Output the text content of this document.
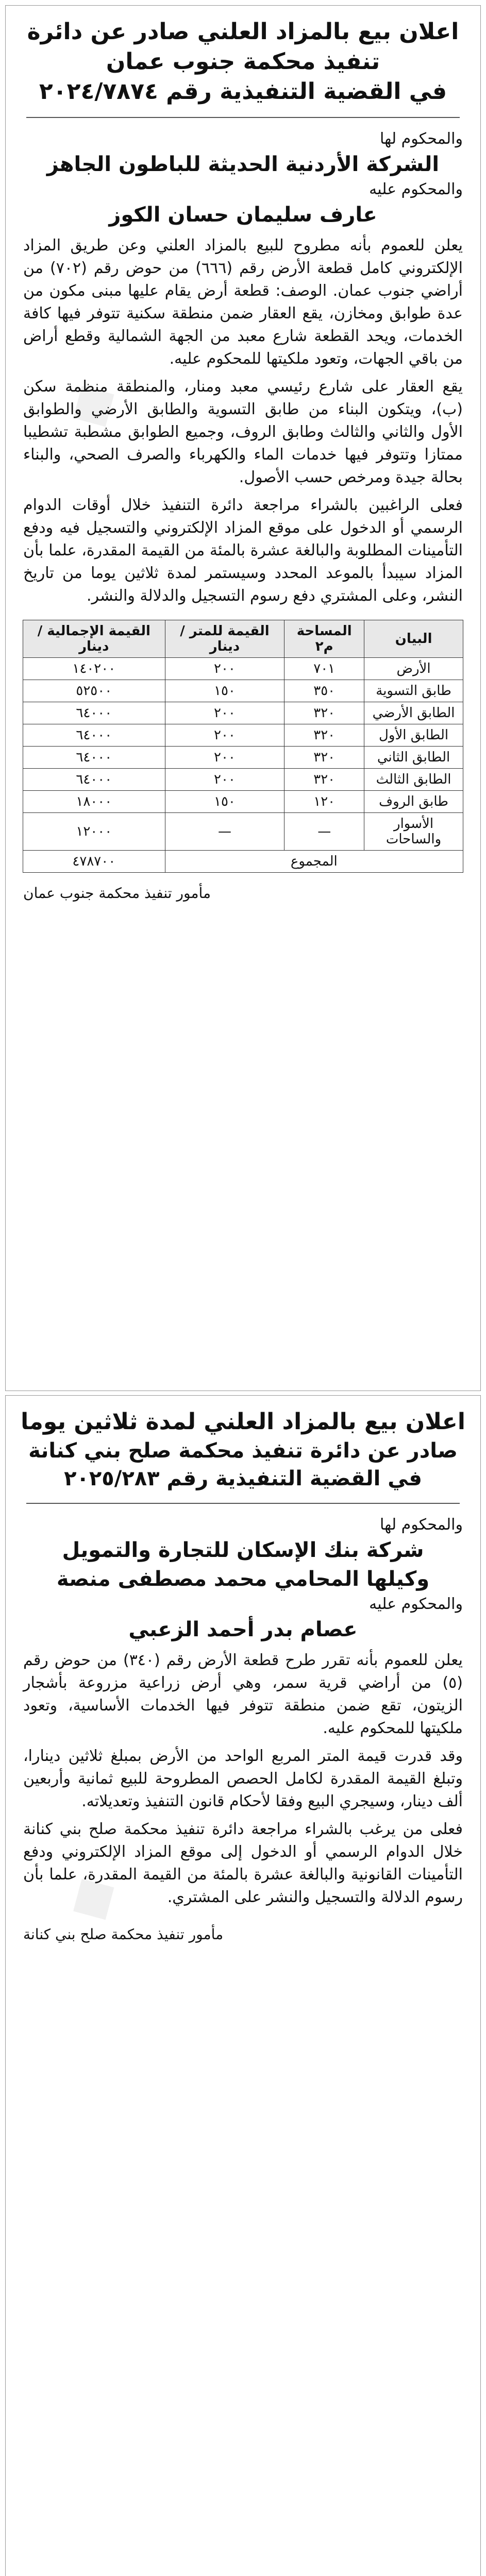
◆

اعلان بيع بالمزاد العلني صادر عن دائرة تنفيذ محكمة جنوب عمان

في القضية التنفيذية رقم ٢٠٢٤/٧٨٧٤

والمحكوم لها
الشركة الأردنية الحديثة للباطون الجاهز
والمحكوم عليه
عارف سليمان حسان الكوز

يعلن للعموم بأنه مطروح للبيع بالمزاد العلني وعن طريق المزاد الإلكتروني كامل قطعة الأرض رقم (٦٦٦) من حوض رقم (٧٠٢) من أراضي جنوب عمان. الوصف: قطعة أرض يقام عليها مبنى مكون من عدة طوابق ومخازن، يقع العقار ضمن منطقة سكنية تتوفر فيها كافة الخدمات، ويحد القطعة شارع معبد من الجهة الشمالية وقطع أراض من باقي الجهات، وتعود ملكيتها للمحكوم عليه.

يقع العقار على شارع رئيسي معبد ومنار، والمنطقة منظمة سكن (ب)، ويتكون البناء من طابق التسوية والطابق الأرضي والطوابق الأول والثاني والثالث وطابق الروف، وجميع الطوابق مشطبة تشطيبا ممتازا وتتوفر فيها خدمات الماء والكهرباء والصرف الصحي، والبناء بحالة جيدة ومرخص حسب الأصول.

فعلى الراغبين بالشراء مراجعة دائرة التنفيذ خلال أوقات الدوام الرسمي أو الدخول على موقع المزاد الإلكتروني والتسجيل فيه ودفع التأمينات المطلوبة والبالغة عشرة بالمئة من القيمة المقدرة، علما بأن المزاد سيبدأ بالموعد المحدد وسيستمر لمدة ثلاثين يوما من تاريخ النشر، وعلى المشتري دفع رسوم التسجيل والدلالة والنشر.

البيان	المساحة م٢	القيمة للمتر / دينار	القيمة الإجمالية / دينار
الأرض	٧٠١	٢٠٠	١٤٠٢٠٠
طابق التسوية	٣٥٠	١٥٠	٥٢٥٠٠
الطابق الأرضي	٣٢٠	٢٠٠	٦٤٠٠٠
الطابق الأول	٣٢٠	٢٠٠	٦٤٠٠٠
الطابق الثاني	٣٢٠	٢٠٠	٦٤٠٠٠
الطابق الثالث	٣٢٠	٢٠٠	٦٤٠٠٠
طابق الروف	١٢٠	١٥٠	١٨٠٠٠
الأسوار والساحات	—	—	١٢٠٠٠
المجموع			٤٧٨٧٠٠
مأمور تنفيذ محكمة جنوب عمان
◆

اعلان بيع بالمزاد العلني لمدة ثلاثين يوما

صادر عن دائرة تنفيذ محكمة صلح بني كنانة

في القضية التنفيذية رقم ٢٠٢٥/٢٨٣

والمحكوم لها
شركة بنك الإسكان للتجارة والتمويل
وكيلها المحامي محمد مصطفى منصة
والمحكوم عليه
عصام بدر أحمد الزعبي

يعلن للعموم بأنه تقرر طرح قطعة الأرض رقم (٣٤٠) من حوض رقم (٥) من أراضي قرية سمر، وهي أرض زراعية مزروعة بأشجار الزيتون، تقع ضمن منطقة تتوفر فيها الخدمات الأساسية، وتعود ملكيتها للمحكوم عليه.

وقد قدرت قيمة المتر المربع الواحد من الأرض بمبلغ ثلاثين دينارا، وتبلغ القيمة المقدرة لكامل الحصص المطروحة للبيع ثمانية وأربعين ألف دينار، وسيجري البيع وفقا لأحكام قانون التنفيذ وتعديلاته.

فعلى من يرغب بالشراء مراجعة دائرة تنفيذ محكمة صلح بني كنانة خلال الدوام الرسمي أو الدخول إلى موقع المزاد الإلكتروني ودفع التأمينات القانونية والبالغة عشرة بالمئة من القيمة المقدرة، علما بأن رسوم الدلالة والتسجيل والنشر على المشتري.

مأمور تنفيذ محكمة صلح بني كنانة
